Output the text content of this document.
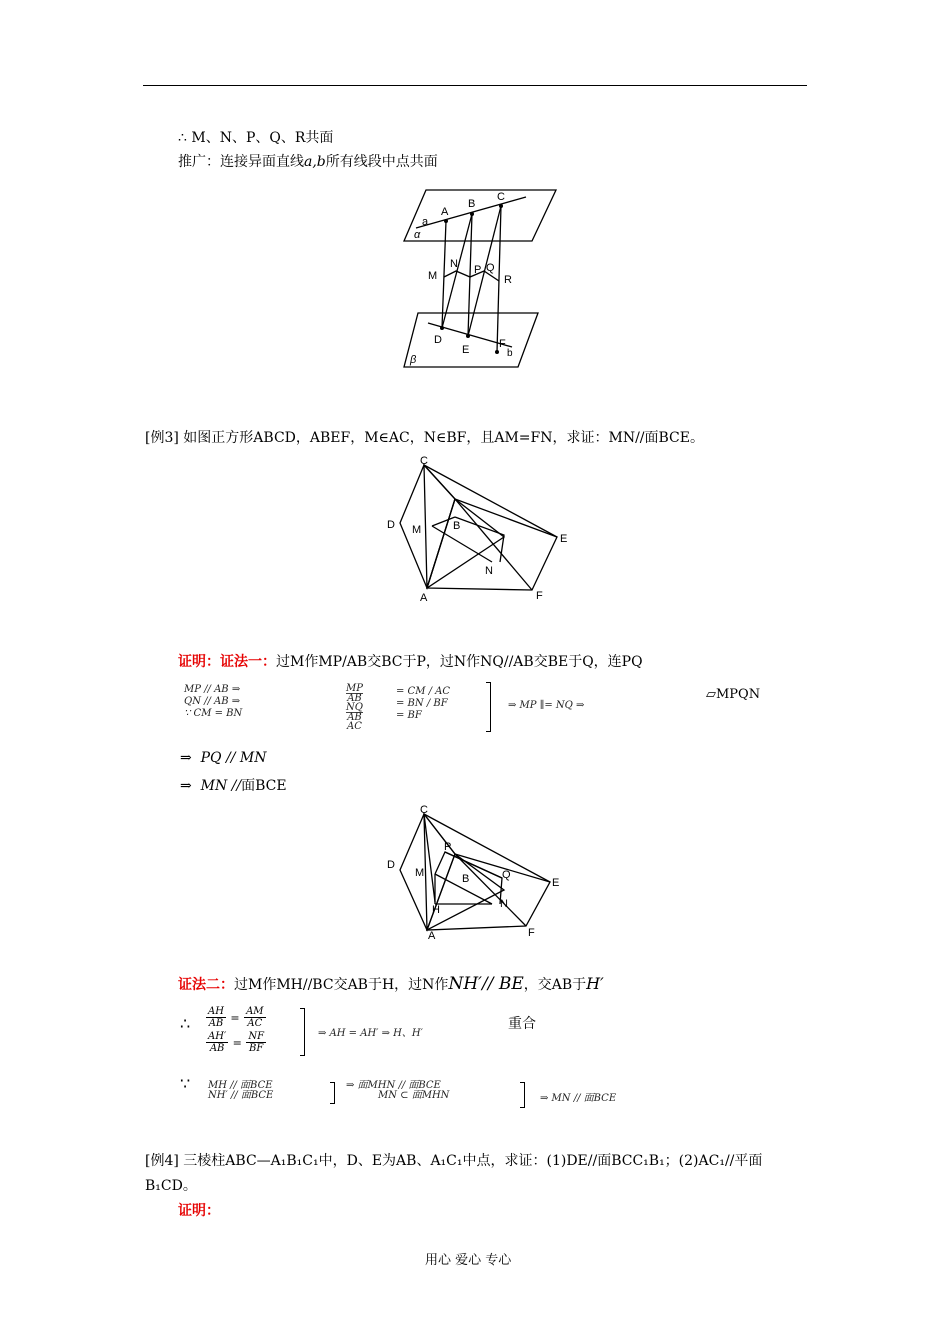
∴ M、N、P、Q、R共面
推广：连接异面直线a,b所有线段中点共面
A
B
C
a
α
M
N P Q
R
D
E	F
b
β
[例3] 如图正方形ABCD，ABEF，M∈AC，N∈BF，且AM=FN，求证：MN//面BCE。
C
D M	B
E
N
A	F
证明：证法一：过M作MP/AB交BC于P，过N作NQ//AB交BE于Q，连PQ
MP // AB ⇒
QN // AB ⇒
∵ CM = BN
MP
AB
NQ
AB
AC
= CM / AC
= BN / BF
= BF
⇒ MP ∥= NQ ⇒
▱MPQN
⇒ PQ // MN
⇒ MN //面BCE
C
D
P
M	B	Q
E
H	N
A	F
证法二：过M作MH//BC交AB于H，过N作NH′// BE，交AB于H′
∴ $\frac{AH}{AB} = \frac{AM}{AC}$
$\frac{AH'}{AB} = \frac{NF}{BF}$	⇒ AH = AH′ ⇒ H、H′
重合
∵ MH // 面BCE
NH′ // 面BCE
⇒ 面MHN // 面BCE
MN ⊂ 面MHN	⇒ MN // 面BCE
[例4] 三棱柱ABC—A₁B₁C₁中，D、E为AB、A₁C₁中点，求证：(1)DE//面BCC₁B₁；(2)AC₁//平面
B₁CD。
证明：
用心 爱心 专心
